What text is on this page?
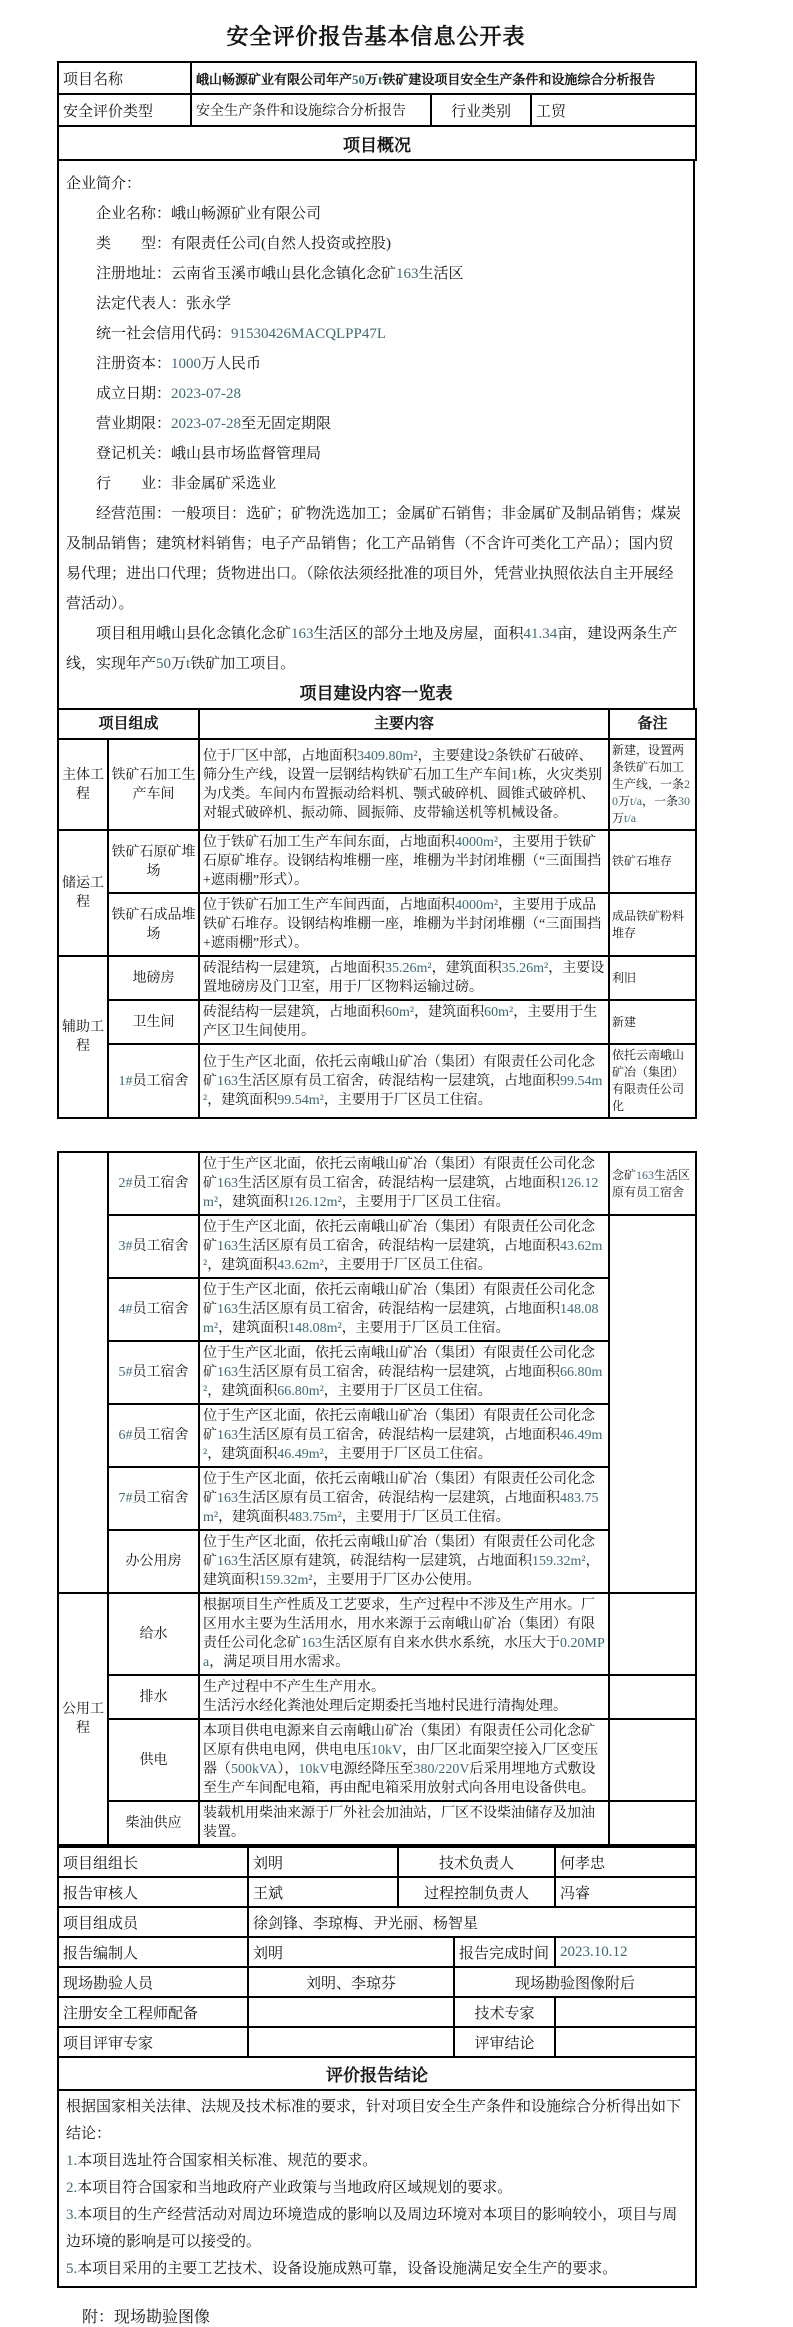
安全评价报告基本信息公开表
项目名称	峨山畅源矿业有限公司年产50万t铁矿建设项目安全生产条件和设施综合分析报告		
安全评价类型	安全生产条件和设施综合分析报告	行业类别	工贸
项目概况			
企业简介：
　　企业名称：峨山畅源矿业有限公司
　　类　　型：有限责任公司(自然人投资或控股)
　　注册地址：云南省玉溪市峨山县化念镇化念矿163生活区
　　法定代表人：张永学
　　统一社会信用代码：91530426MACQLPP47L
　　注册资本：1000万人民币
　　成立日期：2023-07-28
　　营业期限：2023-07-28至无固定期限
　　登记机关：峨山县市场监督管理局
　　行　　业：非金属矿采选业
　　经营范围：一般项目：选矿；矿物洗选加工；金属矿石销售；非金属矿及制品销售；煤炭及制品销售；建筑材料销售；电子产品销售；化工产品销售（不含许可类化工产品）；国内贸易代理；进出口代理；货物进出口。（除依法须经批准的项目外，凭营业执照依法自主开展经营活动）。
　　项目租用峨山县化念镇化念矿163生活区的部分土地及房屋，面积41.34亩，建设两条生产线，实现年产50万t铁矿加工项目。
项目建设内容一览表
项目组成		主要内容	备注
主体工程	铁矿石加工生产车间	位于厂区中部，占地面积3409.80m²，主要建设2条铁矿石破碎、筛分生产线，设置一层钢结构铁矿石加工生产车间1栋，火灾类别为戊类。车间内布置振动给料机、颚式破碎机、圆锥式破碎机、对辊式破碎机、振动筛、圆振筛、皮带输送机等机械设备。	新建，设置两条铁矿石加工生产线，一条20万t/a，一条30万t/a
储运工程	铁矿石原矿堆场	位于铁矿石加工生产车间东面，占地面积4000m²，主要用于铁矿石原矿堆存。设钢结构堆棚一座，堆棚为半封闭堆棚（“三面围挡+遮雨棚”形式）。	铁矿石堆存
	铁矿石成品堆场	位于铁矿石加工生产车间西面，占地面积4000m²，主要用于成品铁矿石堆存。设钢结构堆棚一座，堆棚为半封闭堆棚（“三面围挡+遮雨棚”形式）。	成品铁矿粉料堆存
辅助工程	地磅房	砖混结构一层建筑，占地面积35.26m²，建筑面积35.26m²，主要设置地磅房及门卫室，用于厂区物料运输过磅。	利旧
	卫生间	砖混结构一层建筑，占地面积60m²，建筑面积60m²，主要用于生产区卫生间使用。	新建
	1#员工宿舍	位于生产区北面，依托云南峨山矿冶（集团）有限责任公司化念矿163生活区原有员工宿舍，砖混结构一层建筑，占地面积99.54m²，建筑面积99.54m²，主要用于厂区员工住宿。	依托云南峨山矿冶（集团）有限责任公司化
	2#员工宿舍	位于生产区北面，依托云南峨山矿冶（集团）有限责任公司化念矿163生活区原有员工宿舍，砖混结构一层建筑，占地面积126.12m²，建筑面积126.12m²，主要用于厂区员工住宿。	念矿163生活区原有员工宿舍
	3#员工宿舍	位于生产区北面，依托云南峨山矿冶（集团）有限责任公司化念矿163生活区原有员工宿舍，砖混结构一层建筑，占地面积43.62m²，建筑面积43.62m²，主要用于厂区员工住宿。	
	4#员工宿舍	位于生产区北面，依托云南峨山矿冶（集团）有限责任公司化念矿163生活区原有员工宿舍，砖混结构一层建筑，占地面积148.08m²，建筑面积148.08m²，主要用于厂区员工住宿。	
	5#员工宿舍	位于生产区北面，依托云南峨山矿冶（集团）有限责任公司化念矿163生活区原有员工宿舍，砖混结构一层建筑，占地面积66.80m²，建筑面积66.80m²，主要用于厂区员工住宿。	
	6#员工宿舍	位于生产区北面，依托云南峨山矿冶（集团）有限责任公司化念矿163生活区原有员工宿舍，砖混结构一层建筑，占地面积46.49m²，建筑面积46.49m²，主要用于厂区员工住宿。	
	7#员工宿舍	位于生产区北面，依托云南峨山矿冶（集团）有限责任公司化念矿163生活区原有员工宿舍，砖混结构一层建筑，占地面积483.75m²，建筑面积483.75m²，主要用于厂区员工住宿。	
	办公用房	位于生产区北面，依托云南峨山矿冶（集团）有限责任公司化念矿163生活区原有建筑，砖混结构一层建筑，占地面积159.32m²，建筑面积159.32m²，主要用于厂区办公使用。	
公用工程	给水	根据项目生产性质及工艺要求，生产过程中不涉及生产用水。厂区用水主要为生活用水，用水来源于云南峨山矿冶（集团）有限责任公司化念矿163生活区原有自来水供水系统，水压大于0.20MPa，满足项目用水需求。	
	排水	生产过程中不产生生产用水。
生活污水经化粪池处理后定期委托当地村民进行清掏处理。	
	供电	本项目供电电源来自云南峨山矿冶（集团）有限责任公司化念矿区原有供电电网，供电电压10kV，由厂区北面架空接入厂区变压器（500kVA），10kV电源经降压至380/220V后采用埋地方式敷设至生产车间配电箱，再由配电箱采用放射式向各用电设备供电。	
	柴油供应	装载机用柴油来源于厂外社会加油站，厂区不设柴油储存及加油装置。	
项目组组长	刘明	技术负责人		何孝忠
报告审核人	王斌	过程控制负责人		冯睿
项目组成员	徐剑锋、李琼梅、尹光丽、杨智星			
报告编制人	刘明		报告完成时间	2023.10.12
现场勘验人员	刘明、李琼芬		现场勘验图像附后	
注册安全工程师配备			技术专家	
项目评审专家			评审结论	
评价报告结论				
根据国家相关法律、法规及技术标准的要求，针对项目安全生产条件和设施综合分析得出如下结论：
1.本项目选址符合国家相关标准、规范的要求。
2.本项目符合国家和当地政府产业政策与当地政府区域规划的要求。
3.本项目的生产经营活动对周边环境造成的影响以及周边环境对本项目的影响较小，项目与周边环境的影响是可以接受的。
5.本项目采用的主要工艺技术、设备设施成熟可靠，设备设施满足安全生产的要求。				
附：现场勘验图像
